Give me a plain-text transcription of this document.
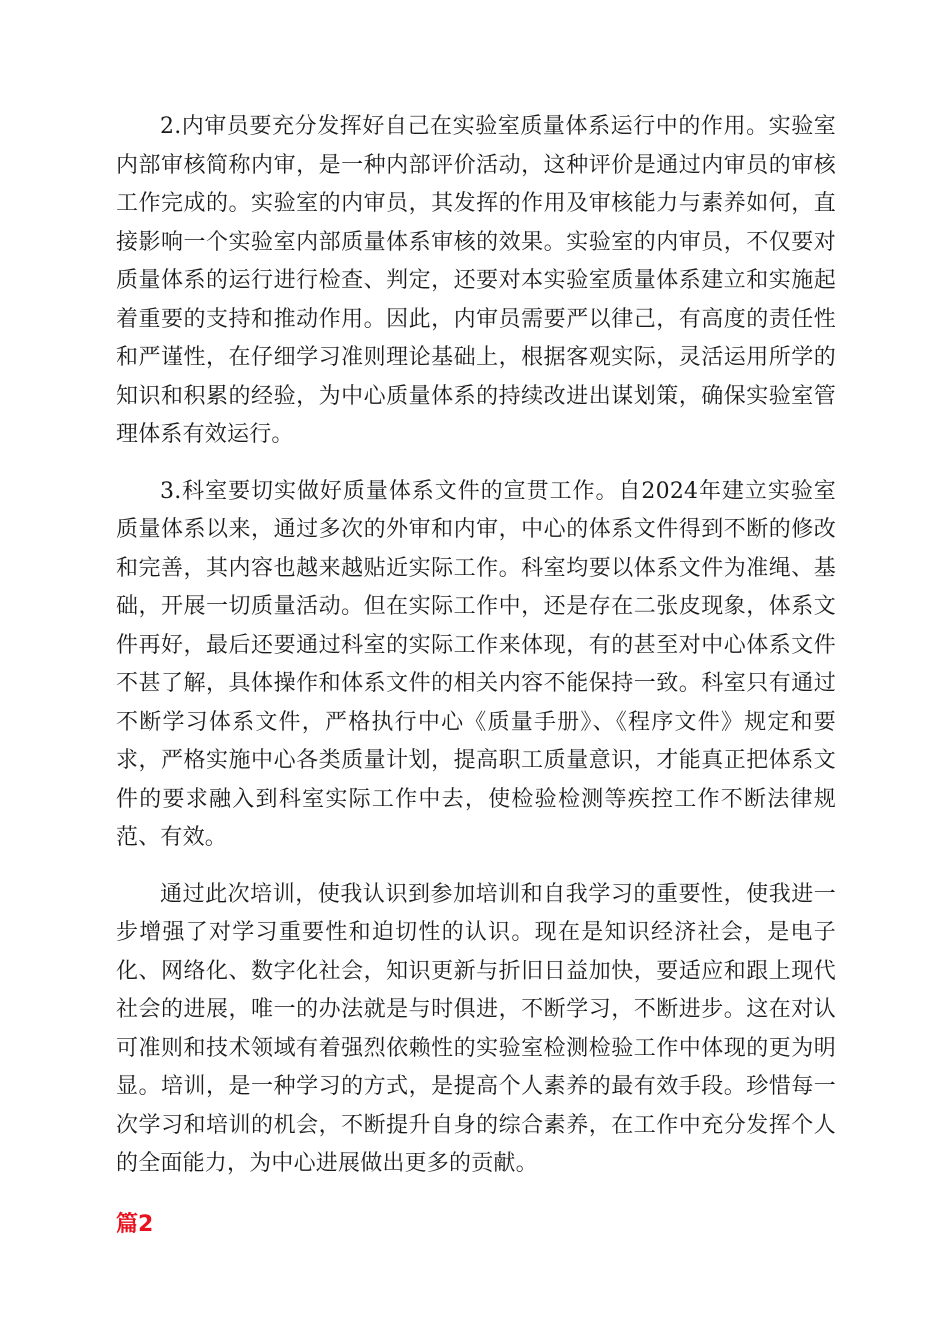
2.内审员要充分发挥好自己在实验室质量体系运行中的作用。实验室内部审核简称内审，是一种内部评价活动，这种评价是通过内审员的审核工作完成的。实验室的内审员，其发挥的作用及审核能力与素养如何，直接影响一个实验室内部质量体系审核的效果。实验室的内审员，不仅要对质量体系的运行进行检查、判定，还要对本实验室质量体系建立和实施起着重要的支持和推动作用。因此，内审员需要严以律己，有高度的责任性和严谨性，在仔细学习准则理论基础上，根据客观实际，灵活运用所学的知识和积累的经验，为中心质量体系的持续改进出谋划策，确保实验室管理体系有效运行。

3.科室要切实做好质量体系文件的宣贯工作。自2024年建立实验室质量体系以来，通过多次的外审和内审，中心的体系文件得到不断的修改和完善，其内容也越来越贴近实际工作。科室均要以体系文件为准绳、基础，开展一切质量活动。但在实际工作中，还是存在二张皮现象，体系文件再好，最后还要通过科室的实际工作来体现，有的甚至对中心体系文件不甚了解，具体操作和体系文件的相关内容不能保持一致。科室只有通过不断学习体系文件，严格执行中心《质量手册》、《程序文件》规定和要求，严格实施中心各类质量计划，提高职工质量意识，才能真正把体系文件的要求融入到科室实际工作中去，使检验检测等疾控工作不断法律规范、有效。

通过此次培训，使我认识到参加培训和自我学习的重要性，使我进一步增强了对学习重要性和迫切性的认识。现在是知识经济社会，是电子化、网络化、数字化社会，知识更新与折旧日益加快，要适应和跟上现代社会的进展，唯一的办法就是与时俱进，不断学习，不断进步。这在对认可准则和技术领域有着强烈依赖性的实验室检测检验工作中体现的更为明显。培训，是一种学习的方式，是提高个人素养的最有效手段。珍惜每一次学习和培训的机会，不断提升自身的综合素养，在工作中充分发挥个人的全面能力，为中心进展做出更多的贡献。

篇2
